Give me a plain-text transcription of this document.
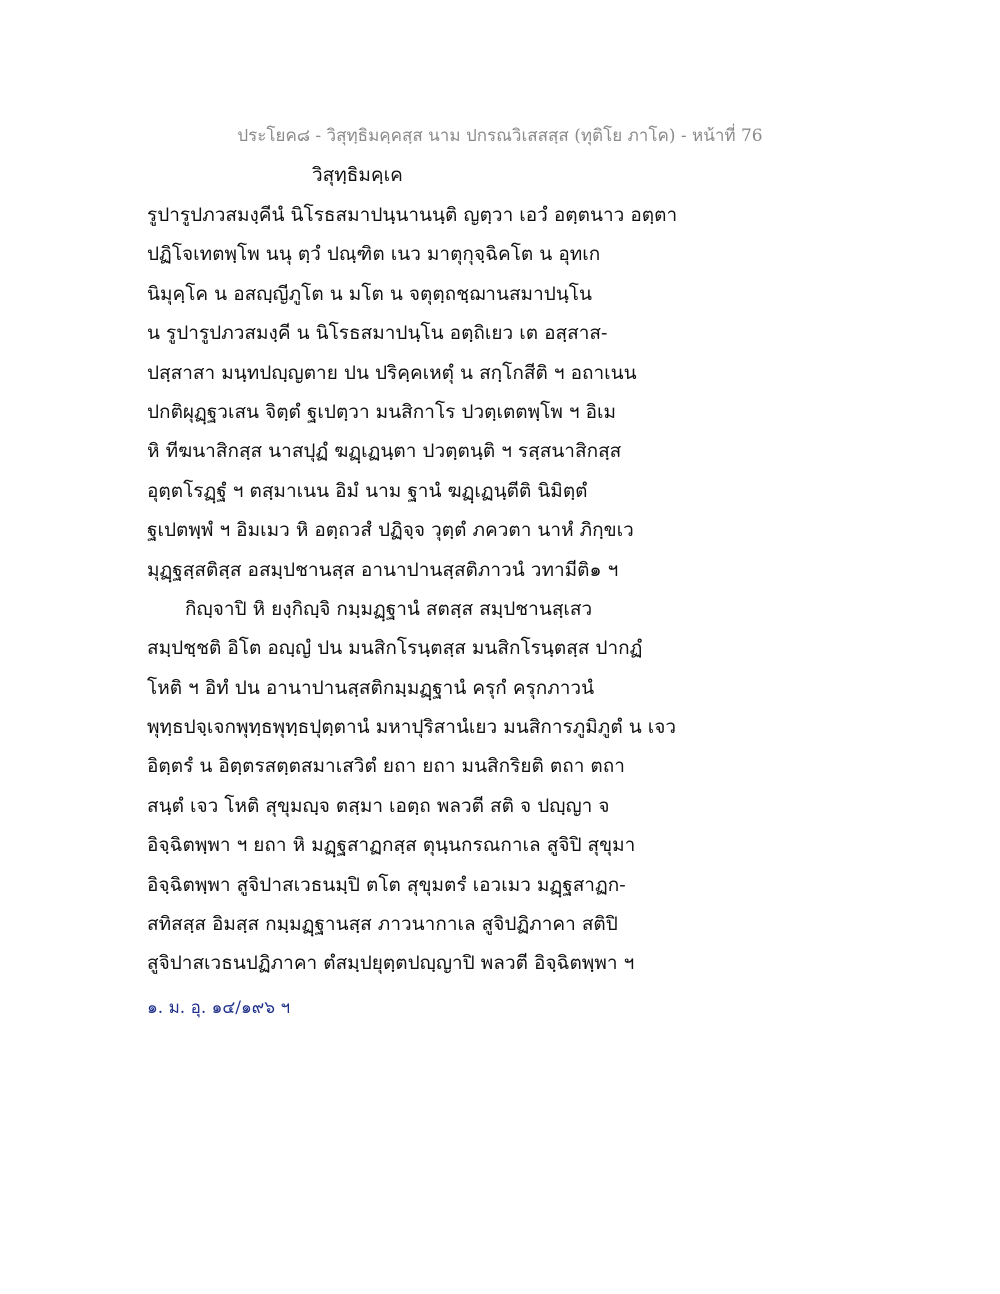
ประโยค๘ - วิสุทฺธิมคฺคสฺส นาม ปกรณวิเสสสฺส (ทุติโย ภาโค) - หน้าที่ 76
วิสุทฺธิมคฺเค
รูปารูปภวสมงฺคีนํ นิโรธสมาปนฺนานนฺติ ญตฺวา เอวํ อตฺตนาว อตฺตา
ปฏิโจเทตพฺโพ นนุ ตฺวํ ปณฺฑิต เนว มาตุกุจฺฉิคโต น อุทเก
นิมุคฺโค น อสญฺญีภูโต น มโต น จตุตฺถชฺฌานสมาปนฺโน
น รูปารูปภวสมงฺคี น นิโรธสมาปนฺโน อตฺถิเยว เต อสฺสาส-
ปสฺสาสา มนฺทปญฺญตาย ปน ปริคฺคเหตุํ น สกฺโกสีติ ฯ อถาเนน
ปกติผุฏฺฐวเสน จิตฺตํ ฐเปตฺวา มนสิกาโร ปวตฺเตตพฺโพ ฯ อิเม
หิ ทีฆนาสิกสฺส นาสปุฏํ ฆฏฺเฏนฺตา ปวตฺตนฺติ ฯ รสฺสนาสิกสฺส
อุตฺตโรฏฺฐํ ฯ ตสฺมาเนน อิมํ นาม ฐานํ ฆฏฺเฏนฺตีติ นิมิตฺตํ
ฐเปตพฺพํ ฯ อิมเมว หิ อตฺถวสํ ปฏิจฺจ วุตฺตํ ภควตา นาหํ ภิกฺขเว
มุฏฺฐสฺสติสฺส อสมฺปชานสฺส อานาปานสฺสติภาวนํ วทามีติ๑ ฯ
กิญฺจาปิ หิ ยงฺกิญฺจิ กมฺมฏฺฐานํ สตสฺส สมฺปชานสฺเสว
สมฺปชฺชติ อิโต อญฺญํ ปน มนสิกโรนฺตสฺส มนสิกโรนฺตสฺส ปากฏํ
โหติ ฯ อิทํ ปน อานาปานสฺสติกมฺมฏฺฐานํ ครุกํ ครุกภาวนํ
พุทฺธปจฺเจกพุทฺธพุทฺธปุตฺตานํ มหาปุริสานํเยว มนสิการภูมิภูตํ น เจว
อิตฺตรํ น อิตฺตรสตฺตสมาเสวิตํ ยถา ยถา มนสิกริยติ ตถา ตถา
สนฺตํ เจว โหติ สุขุมญฺจ ตสฺมา เอตฺถ พลวตี สติ จ ปญฺญา จ
อิจฺฉิตพฺพา ฯ ยถา หิ มฏฺฐสาฏกสฺส ตุนฺนกรณกาเล สูจิปิ สุขุมา
อิจฺฉิตพฺพา สูจิปาสเวธนมฺปิ ตโต สุขุมตรํ เอวเมว มฏฺฐสาฏก-
สทิสสฺส อิมสฺส กมฺมฏฺฐานสฺส ภาวนากาเล สูจิปฏิภาคา สติปิ
สูจิปาสเวธนปฏิภาคา ตํสมฺปยุตฺตปญฺญาปิ พลวตี อิจฺฉิตพฺพา ฯ
๑. ม. อุ. ๑๔/๑๙๖ ฯ
